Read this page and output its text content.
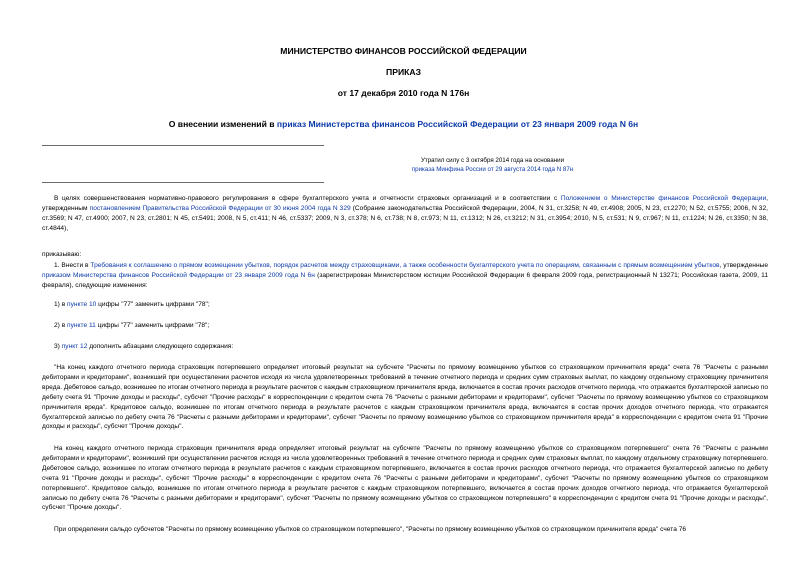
МИНИСТЕРСТВО ФИНАНСОВ РОССИЙСКОЙ ФЕДЕРАЦИИ
ПРИКАЗ
от 17 декабря 2010 года N 176н
О внесении изменений в приказ Министерства финансов Российской Федерации от 23 января 2009 года N 6н
Утратил силу с 3 октября 2014 года на основании
приказа Минфина России от 29 августа 2014 года N 87н

В целях совершенствования нормативно-правового регулирования в сфере бухгалтерского учета и отчетности страховых организаций и в соответствии с Положением о Министерстве финансов Российской Федерации, утвержденным постановлением Правительства Российской Федерации от 30 июня 2004 года N 329 (Собрание законодательства Российской Федерации, 2004, N 31, ст.3258; N 49, ст.4908; 2005, N 23, ст.2270; N 52, ст.5755; 2006, N 32, ст.3569; N 47, ст.4900; 2007, N 23, ст.2801; N 45, ст.5491; 2008, N 5, ст.411; N 46, ст.5337; 2009, N 3, ст.378; N 6, ст.738; N 8, ст.973; N 11, ст.1312; N 26, ст.3212; N 31, ст.3954; 2010, N 5, ст.531; N 9, ст.967; N 11, ст.1224; N 26, ст.3350; N 38, ст.4844),

приказываю:

1. Внести в Требования к соглашению о прямом возмещении убытков, порядок расчетов между страховщиками, а также особенности бухгалтерского учета по операциям, связанным с прямым возмещением убытков, утвержденные приказом Министерства финансов Российской Федерации от 23 января 2009 года N 6н (зарегистрирован Министерством юстиции Российской Федерации 6 февраля 2009 года, регистрационный N 13271; Российская газета, 2009, 11 февраля), следующие изменения:

1) в пункте 10 цифры "77" заменить цифрами "78";

2) в пункте 11 цифры "77" заменить цифрами "78";

3) пункт 12 дополнить абзацами следующего содержания:

"На конец каждого отчетного периода страховщик потерпевшего определяет итоговый результат на субсчете "Расчеты по прямому возмещению убытков со страховщиком причинителя вреда" счета 76 "Расчеты с разными дебиторами и кредиторами", возникший при осуществлении расчетов исходя из числа удовлетворенных требований в течение отчетного периода и средних сумм страховых выплат, по каждому отдельному страховщику причинителя вреда. Дебетовое сальдо, возникшее по итогам отчетного периода в результате расчетов с каждым страховщиком причинителя вреда, включается в состав прочих расходов отчетного периода, что отражается бухгалтерской записью по дебету счета 91 "Прочие доходы и расходы", субсчет "Прочие расходы" в корреспонденции с кредитом счета 76 "Расчеты с разными дебиторами и кредиторами", субсчет "Расчеты по прямому возмещению убытков со страховщиком причинителя вреда". Кредитовое сальдо, возникшее по итогам отчетного периода в результате расчетов с каждым страховщиком причинителя вреда, включается в состав прочих доходов отчетного периода, что отражается бухгалтерской записью по дебету счета 76 "Расчеты с разными дебиторами и кредиторами", субсчет "Расчеты по прямому возмещению убытков со страховщиком причинителя вреда" в корреспонденции с кредитом счета 91 "Прочие доходы и расходы", субсчет "Прочие доходы".

На конец каждого отчетного периода страховщик причинителя вреда определяет итоговый результат на субсчете "Расчеты по прямому возмещению убытков со страховщиком потерпевшего" счета 76 "Расчеты с разными дебиторами и кредиторами", возникший при осуществлении расчетов исходя из числа удовлетворенных требований в течение отчетного периода и средних сумм страховых выплат, по каждому отдельному страховщику потерпевшего. Дебетовое сальдо, возникшее по итогам отчетного периода в результате расчетов с каждым страховщиком потерпевшего, включается в состав прочих расходов отчетного периода, что отражается бухгалтерской записью по дебету счета 91 "Прочие доходы и расходы", субсчет "Прочие расходы" в корреспонденции с кредитом счета 76 "Расчеты с разными дебиторами и кредиторами", субсчет "Расчеты по прямому возмещению убытков со страховщиком потерпевшего". Кредитовое сальдо, возникшее по итогам отчетного периода в результате расчетов с каждым страховщиком потерпевшего, включается в состав прочих доходов отчетного периода, что отражается бухгалтерской записью по дебету счета 76 "Расчеты с разными дебиторами и кредиторами", субсчет "Расчеты по прямому возмещению убытков со страховщиком потерпевшего" в корреспонденции с кредитом счета 91 "Прочие доходы и расходы", субсчет "Прочие доходы".

При определении сальдо субсчетов "Расчеты по прямому возмещению убытков со страховщиком потерпевшего", "Расчеты по прямому возмещению убытков со страховщиком причинителя вреда" счета 76
